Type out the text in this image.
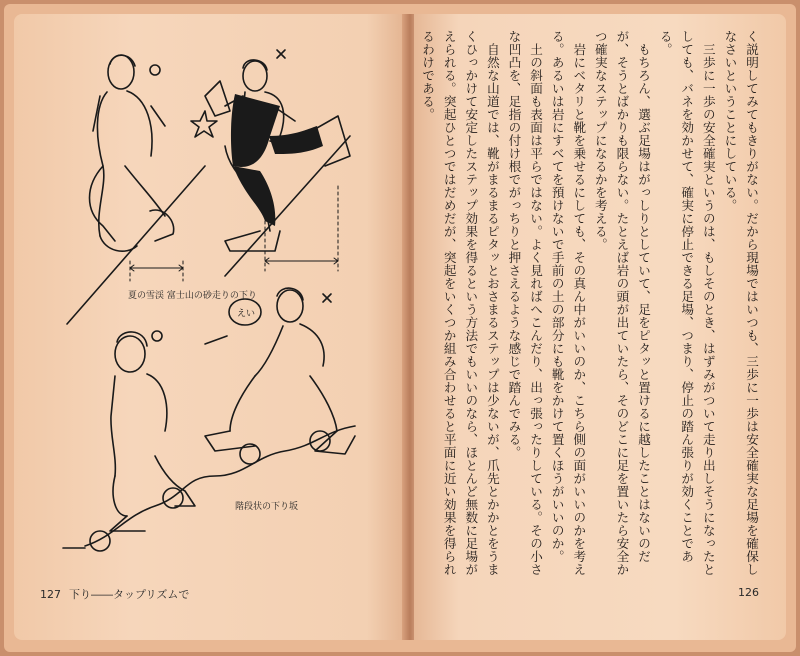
えい
夏の雪渓 富士山の砂走りの下り
階段状の下り坂
127 下り――タップリズムで	126

く説明してみてもきりがない。だから現場ではいつも、三歩に一歩は安全確実な足場を確保しなさいということにしている。

三歩に一歩の安全確実というのは、もしそのとき、はずみがついて走り出しそうになったとしても、バネを効かせて、確実に停止できる足場、つまり、停止の踏ん張りが効くことである。

もちろん、選ぶ足場はがっしりとしていて、足をピタッと置けるに越したことはないのだが、そうとばかりも限らない。たとえば岩の頭が出ていたら、そのどこに足を置いたら安全かつ確実なステップになるかを考える。

岩にベタリと靴を乗せるにしても、その真ん中がいいのか、こちら側の面がいいのかを考える。あるいは岩にすべてを預けないで手前の土の部分にも靴をかけて置くほうがいいのか。

土の斜面も表面は平らではない。よく見ればへこんだり、出っ張ったりしている。その小さな凹凸を、足指の付け根でがっちりと押さえるような感じで踏んでみる。

自然な山道では、靴がまるまるピタッとおさまるステップは少ないが、爪先とかかとをうまくひっかけて安定したステップ効果を得るという方法でもいいのなら、ほとんど無数に足場がえられる。突起ひとつではだめだが、突起をいくつか組み合わせると平面に近い効果を得られるわけである。
